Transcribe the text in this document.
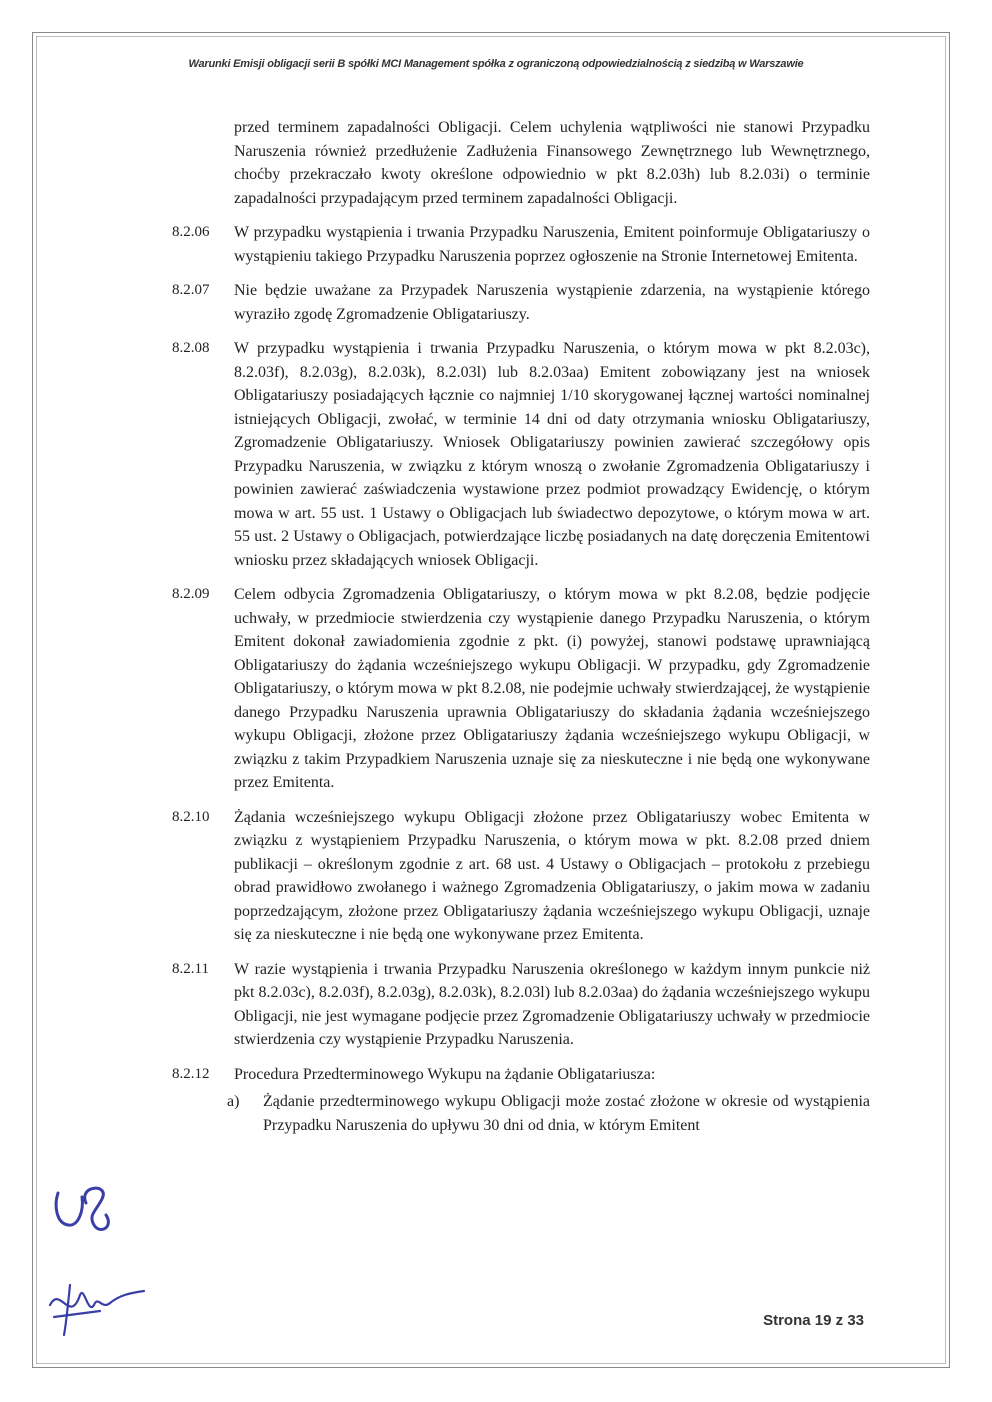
Warunki Emisji obligacji serii B spółki MCI Management spółka z ograniczoną odpowiedzialnością z siedzibą w Warszawie
przed terminem zapadalności Obligacji. Celem uchylenia wątpliwości nie stanowi Przypadku Naruszenia również przedłużenie Zadłużenia Finansowego Zewnętrznego lub Wewnętrznego, choćby przekraczało kwoty określone odpowiednio w pkt 8.2.03h) lub 8.2.03i) o terminie zapadalności przypadającym przed terminem zapadalności Obligacji.
8.2.06	W przypadku wystąpienia i trwania Przypadku Naruszenia, Emitent poinformuje Obligatariuszy o wystąpieniu takiego Przypadku Naruszenia poprzez ogłoszenie na Stronie Internetowej Emitenta.
8.2.07	Nie będzie uważane za Przypadek Naruszenia wystąpienie zdarzenia, na wystąpienie którego wyraziło zgodę Zgromadzenie Obligatariuszy.
8.2.08	W przypadku wystąpienia i trwania Przypadku Naruszenia, o którym mowa w pkt 8.2.03c), 8.2.03f), 8.2.03g), 8.2.03k), 8.2.03l) lub 8.2.03aa) Emitent zobowiązany jest na wniosek Obligatariuszy posiadających łącznie co najmniej 1/10 skorygowanej łącznej wartości nominalnej istniejących Obligacji, zwołać, w terminie 14 dni od daty otrzymania wniosku Obligatariuszy, Zgromadzenie Obligatariuszy. Wniosek Obligatariuszy powinien zawierać szczegółowy opis Przypadku Naruszenia, w związku z którym wnoszą o zwołanie Zgromadzenia Obligatariuszy i powinien zawierać zaświadczenia wystawione przez podmiot prowadzący Ewidencję, o którym mowa w art. 55 ust. 1 Ustawy o Obligacjach lub świadectwo depozytowe, o którym mowa w art. 55 ust. 2 Ustawy o Obligacjach, potwierdzające liczbę posiadanych na datę doręczenia Emitentowi wniosku przez składających wniosek Obligacji.
8.2.09	Celem odbycia Zgromadzenia Obligatariuszy, o którym mowa w pkt 8.2.08, będzie podjęcie uchwały, w przedmiocie stwierdzenia czy wystąpienie danego Przypadku Naruszenia, o którym Emitent dokonał zawiadomienia zgodnie z pkt. (i) powyżej, stanowi podstawę uprawniającą Obligatariuszy do żądania wcześniejszego wykupu Obligacji. W przypadku, gdy Zgromadzenie Obligatariuszy, o którym mowa w pkt 8.2.08, nie podejmie uchwały stwierdzającej, że wystąpienie danego Przypadku Naruszenia uprawnia Obligatariuszy do składania żądania wcześniejszego wykupu Obligacji, złożone przez Obligatariuszy żądania wcześniejszego wykupu Obligacji, w związku z takim Przypadkiem Naruszenia uznaje się za nieskuteczne i nie będą one wykonywane przez Emitenta.
8.2.10	Żądania wcześniejszego wykupu Obligacji złożone przez Obligatariuszy wobec Emitenta w związku z wystąpieniem Przypadku Naruszenia, o którym mowa w pkt. 8.2.08 przed dniem publikacji – określonym zgodnie z art. 68 ust. 4 Ustawy o Obligacjach – protokołu z przebiegu obrad prawidłowo zwołanego i ważnego Zgromadzenia Obligatariuszy, o jakim mowa w zadaniu poprzedzającym, złożone przez Obligatariuszy żądania wcześniejszego wykupu Obligacji, uznaje się za nieskuteczne i nie będą one wykonywane przez Emitenta.
8.2.11	W razie wystąpienia i trwania Przypadku Naruszenia określonego w każdym innym punkcie niż pkt 8.2.03c), 8.2.03f), 8.2.03g), 8.2.03k), 8.2.03l) lub 8.2.03aa) do żądania wcześniejszego wykupu Obligacji, nie jest wymagane podjęcie przez Zgromadzenie Obligatariuszy uchwały w przedmiocie stwierdzenia czy wystąpienie Przypadku Naruszenia.
8.2.12	Procedura Przedterminowego Wykupu na żądanie Obligatariusza:
a)	Żądanie przedterminowego wykupu Obligacji może zostać złożone w okresie od wystąpienia Przypadku Naruszenia do upływu 30 dni od dnia, w którym Emitent
Strona 19 z 33
